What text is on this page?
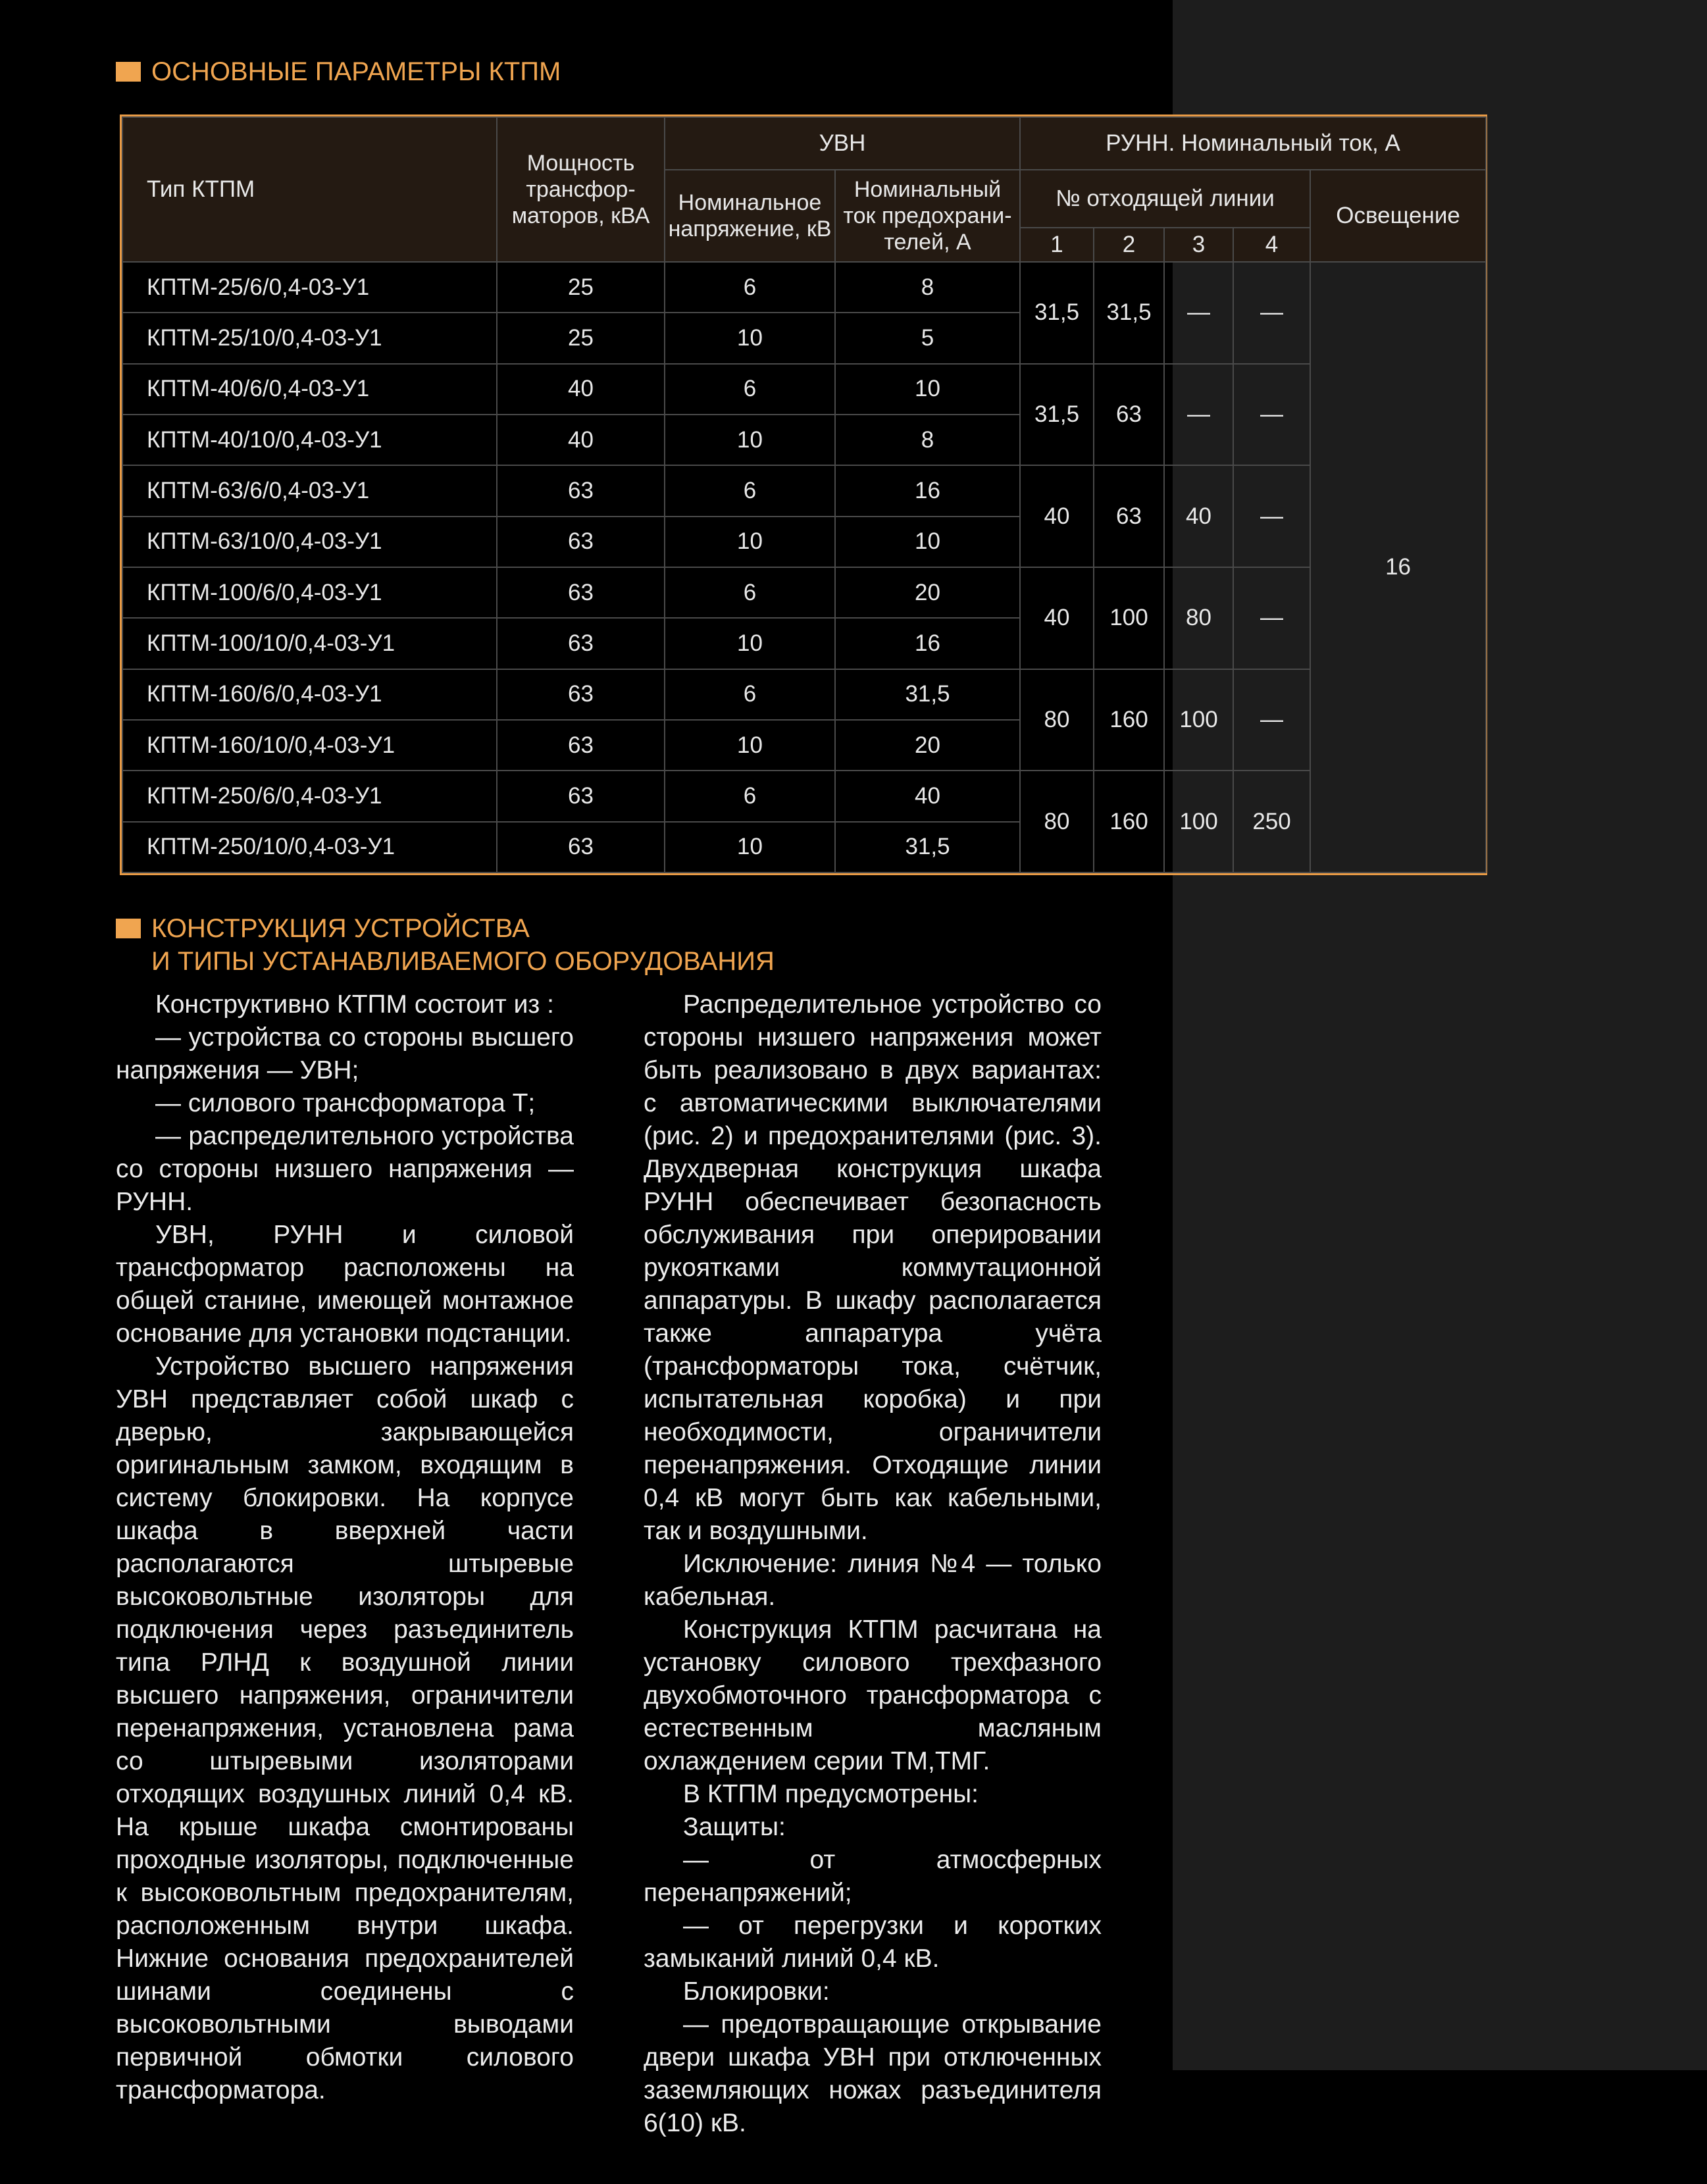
ОСНОВНЫЕ ПАРАМЕТРЫ КТПМ
Тип КТПМ	Мощность трансфор-маторов, кВА	УВН		РУНН. Номинальный ток, А				
		Номинальное напряжение, кВ	Номинальный ток предохрани-телей, А	№ отходящей линии				Освещение
				1	2	3	4	
КПТМ-25/6/0,4-03-У1	25	6	8	31,5	31,5	—	—	16
КПТМ-25/10/0,4-03-У1	25	10	5					
КПТМ-40/6/0,4-03-У1	40	6	10	31,5	63	—	—	
КПТМ-40/10/0,4-03-У1	40	10	8					
КПТМ-63/6/0,4-03-У1	63	6	16	40	63	40	—	
КПТМ-63/10/0,4-03-У1	63	10	10					
КПТМ-100/6/0,4-03-У1	63	6	20	40	100	80	—	
КПТМ-100/10/0,4-03-У1	63	10	16					
КПТМ-160/6/0,4-03-У1	63	6	31,5	80	160	100	—	
КПТМ-160/10/0,4-03-У1	63	10	20					
КПТМ-250/6/0,4-03-У1	63	6	40	80	160	100	250	
КПТМ-250/10/0,4-03-У1	63	10	31,5					
КОНСТРУКЦИЯ УСТРОЙСТВА
И ТИПЫ УСТАНАВЛИВАЕМОГО ОБОРУДОВАНИЯ

Конструктивно КТПМ состоит из :

— устройства со стороны высшего напряжения — УВН;

— силового трансформатора Т;

— распределительного устройства со стороны низшего напряжения — РУНН.

УВН, РУНН и силовой трансформатор расположены на общей станине, имеющей монтажное основание для установки подстанции.

Устройство высшего напряжения УВН представляет собой шкаф с дверью, закрывающейся оригинальным замком, входящим в систему блокировки. На корпусе шкафа в вверхней части располагаются штыревые высоковольтные изоляторы для подключения через разъединитель типа РЛНД к воздушной линии высшего напряжения, ограничители перенапряжения, установлена рама со штыревыми изоляторами отходящих воздушных линий 0,4 кВ. На крыше шкафа смонтированы проходные изоляторы, подключенные к высоковольтным предохранителям, расположенным внутри шкафа. Нижние основания предохранителей шинами соединены с высоковольтными выводами первичной обмотки силового трансформатора.

Распределительное устройство со стороны низшего напряжения может быть реализовано в двух вариантах: с автоматическими выключателями (рис. 2) и предохранителями (рис. 3). Двухдверная конструкция шкафа РУНН обеспечивает безопасность обслуживания при оперировании рукоятками коммутационной аппаратуры. В шкафу располагается также аппаратура учёта (трансформаторы тока, счётчик, испытательная коробка) и при необходимости, ограничители перенапряжения. Отходящие линии 0,4 кВ могут быть как кабельными, так и воздушными.

Исключение: линия №4 — только кабельная.

Конструкция КТПМ расчитана на установку силового трехфазного двухобмоточного трансформатора с естественным масляным охлаждением серии ТМ,ТМГ.

В КТПМ предусмотрены:

Защиты:

— от атмосферных перенапряжений;

— от перегрузки и коротких замыканий линий 0,4 кВ.

Блокировки:

— предотвращающие открывание двери шкафа УВН при отключенных заземляющих ножах разъединителя 6(10) кВ.
